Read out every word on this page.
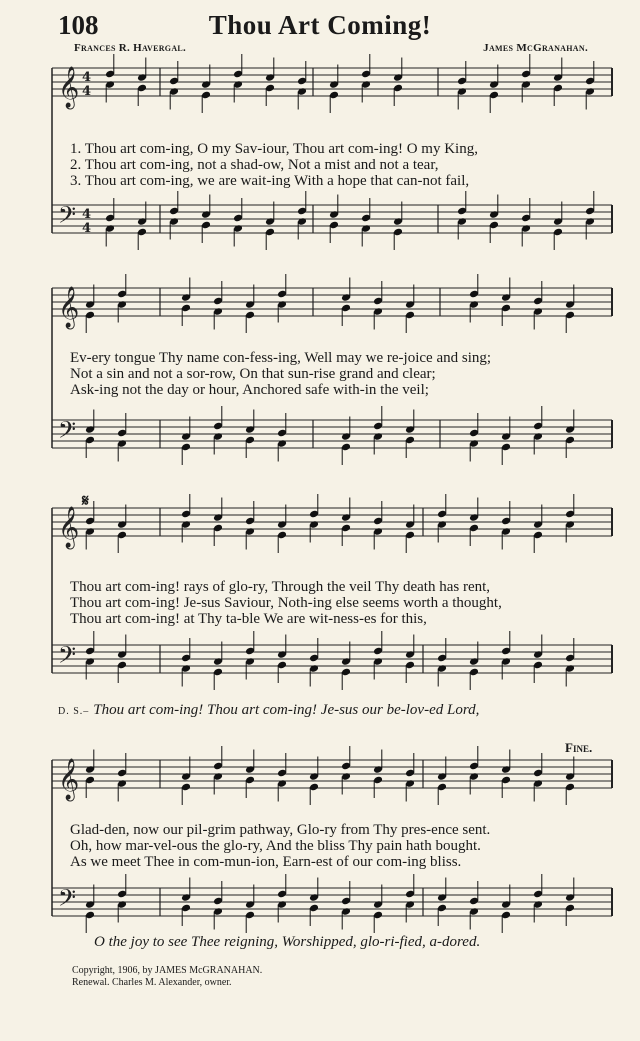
108	Thou Art Coming!
Frances R. Havergal.	James McGranahan.
𝄞 4
4
𝄢 4
4
𝄞
𝄢
𝄞
𝄢
𝄞
𝄢
1. Thou art com-ing, O my Sav-iour, Thou art com-ing! O my King,
2. Thou art com-ing, not a shad-ow, Not a mist and not a tear,
3. Thou art com-ing, we are wait-ing With a hope that can-not fail,
Ev-ery tongue Thy name con-fess-ing, Well may we re-joice and sing;
Not a sin and not a sor-row, On that sun-rise grand and clear;
Ask-ing not the day or hour, Anchored safe with-in the veil;
𝄋
Thou art com-ing! rays of glo-ry, Through the veil Thy death has rent,
Thou art com-ing! Je-sus Saviour, Noth-ing else seems worth a thought,
Thou art com-ing! at Thy ta-ble We are wit-ness-es for this,
D. S.– Thou art com-ing! Thou art com-ing! Je-sus our be-lov-ed Lord,
Fine.
Glad-den, now our pil-grim pathway, Glo-ry from Thy pres-ence sent.
Oh, how mar-vel-ous the glo-ry, And the bliss Thy pain hath bought.
As we meet Thee in com-mun-ion, Earn-est of our com-ing bliss.
O the joy to see Thee reigning, Worshipped, glo-ri-fied, a-dored.
Copyright, 1906, by JAMES McGRANAHAN.
Renewal. Charles M. Alexander, owner.
